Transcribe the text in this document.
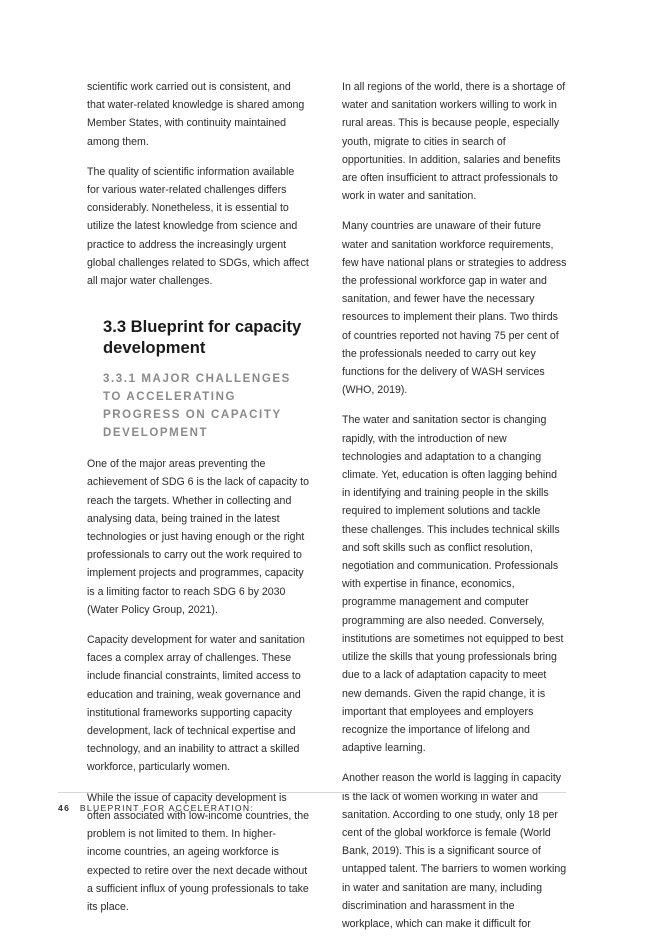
scientific work carried out is consistent, and that water-related knowledge is shared among Member States, with continuity maintained among them.

The quality of scientific information available for various water-related challenges differs considerably. Nonetheless, it is essential to utilize the latest knowledge from science and practice to address the increasingly urgent global challenges related to SDGs, which affect all major water challenges.

3.3 Blueprint for capacity development
3.3.1 MAJOR CHALLENGES TO ACCELERATING PROGRESS ON CAPACITY DEVELOPMENT

One of the major areas preventing the achievement of SDG 6 is the lack of capacity to reach the targets. Whether in collecting and analysing data, being trained in the latest technologies or just having enough or the right professionals to carry out the work required to implement projects and programmes, capacity is a limiting factor to reach SDG 6 by 2030 (Water Policy Group, 2021).

Capacity development for water and sanitation faces a complex array of challenges. These include financial constraints, limited access to education and training, weak governance and institutional frameworks supporting capacity development, lack of technical expertise and technology, and an inability to attract a skilled workforce, particularly women.

While the issue of capacity development is often associated with low-income countries, the problem is not limited to them. In higher-income countries, an ageing workforce is expected to retire over the next decade without a sufficient influx of young professionals to take its place.

In all regions of the world, there is a shortage of water and sanitation workers willing to work in rural areas. This is because people, especially youth, migrate to cities in search of opportunities. In addition, salaries and benefits are often insufficient to attract professionals to work in water and sanitation.

Many countries are unaware of their future water and sanitation workforce requirements, few have national plans or strategies to address the professional workforce gap in water and sanitation, and fewer have the necessary resources to implement their plans. Two thirds of countries reported not having 75 per cent of the professionals needed to carry out key functions for the delivery of WASH services (WHO, 2019).

The water and sanitation sector is changing rapidly, with the introduction of new technologies and adaptation to a changing climate. Yet, education is often lagging behind in identifying and training people in the skills required to implement solutions and tackle these challenges. This includes technical skills and soft skills such as conflict resolution, negotiation and communication. Professionals with expertise in finance, economics, programme management and computer programming are also needed. Conversely, institutions are sometimes not equipped to best utilize the skills that young professionals bring due to a lack of adaptation capacity to meet new demands. Given the rapid change, it is important that employees and employers recognize the importance of lifelong and adaptive learning.

Another reason the world is lagging in capacity is the lack of women working in water and sanitation. According to one study, only 18 per cent of the global workforce is female (World Bank, 2019). This is a significant source of untapped talent. The barriers to women working in water and sanitation are many, including discrimination and harassment in the workplace, which can make it difficult for

46 BLUEPRINT FOR ACCELERATION:
